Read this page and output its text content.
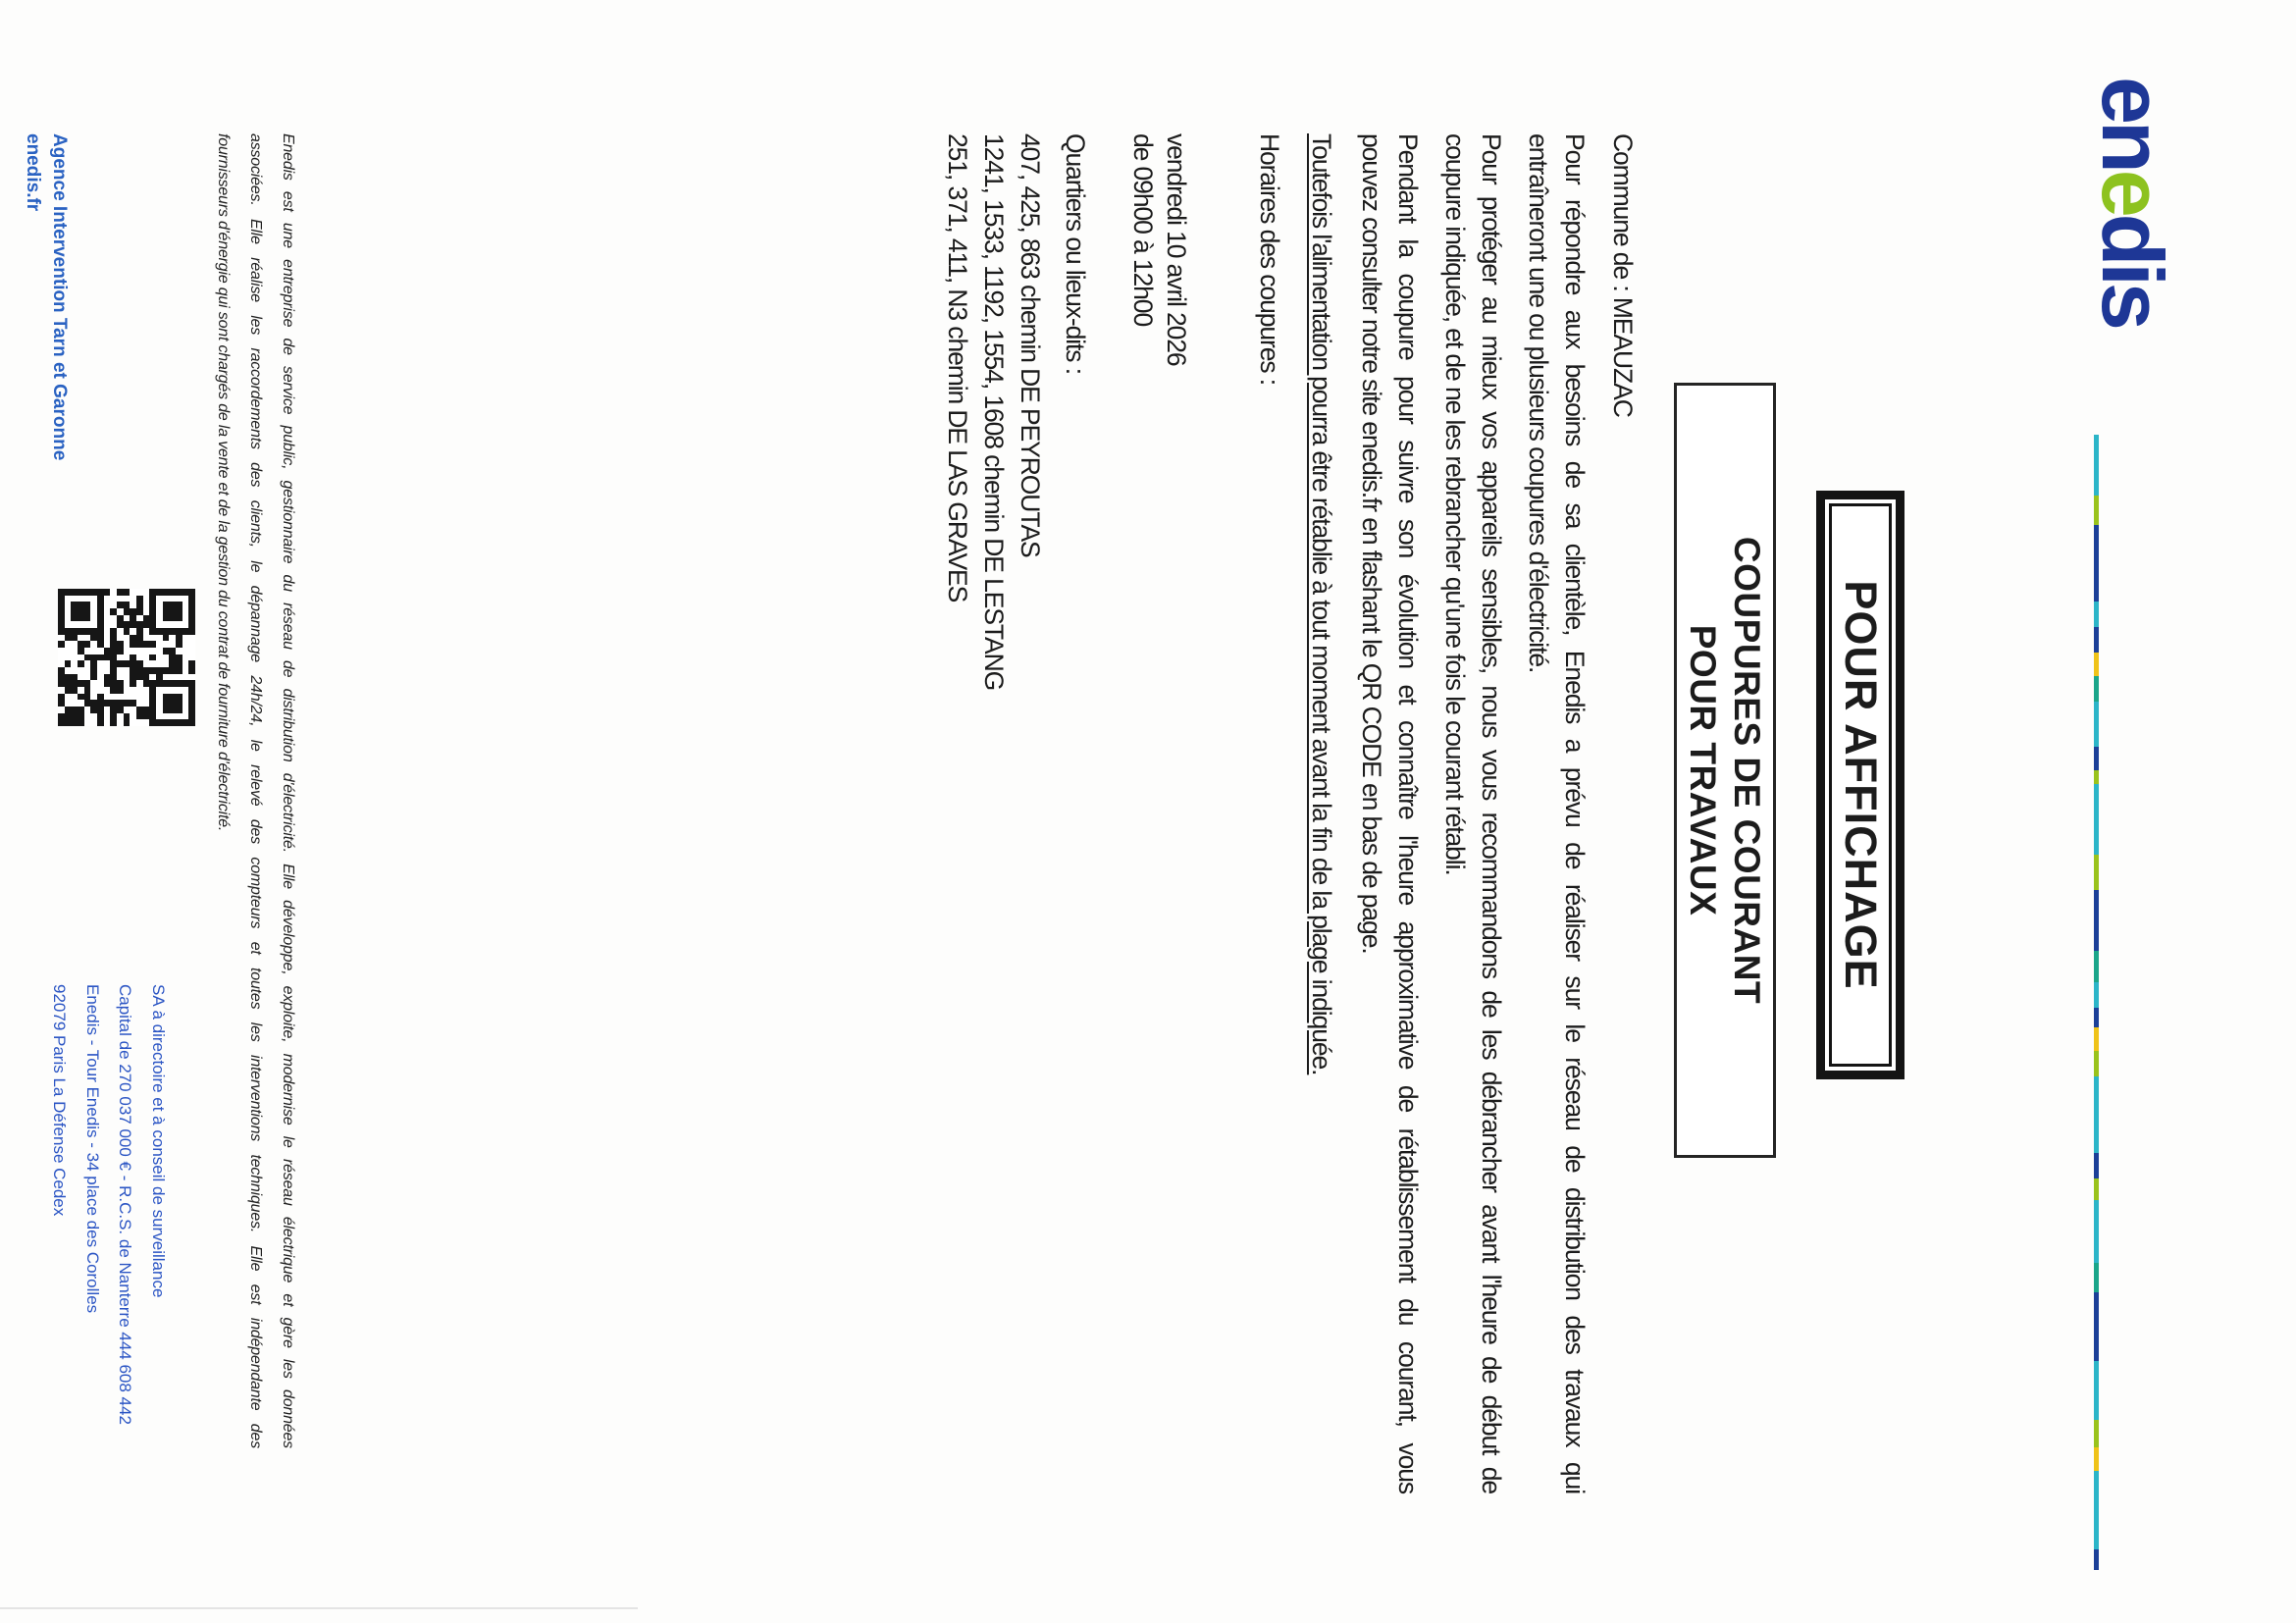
enedis
POUR AFFICHAGE
COUPURES DE COURANT
POUR TRAVAUX
Commune de : MEAUZAC
Pour répondre aux besoins de sa clientèle, Enedis a prévu de réaliser sur le réseau de distribution des travaux qui
entraîneront une ou plusieurs coupures d'électricité.
Pour protéger au mieux vos appareils sensibles, nous vous recommandons de les débrancher avant l'heure de début de
coupure indiquée, et de ne les rebrancher qu'une fois le courant rétabli.
Pendant la coupure pour suivre son évolution et connaître l'heure approximative de rétablissement du courant, vous
pouvez consulter notre site enedis.fr en flashant le QR CODE en bas de page.
Toutefois l'alimentation pourra être rétablie à tout moment avant la fin de la plage indiquée.
Horaires des coupures :
vendredi 10 avril 2026
de 09h00 à 12h00
Quartiers ou lieux-dits :
407, 425, 863 chemin DE PEYROUTAS
1241, 1533, 1192, 1554, 1608 chemin DE LESTANG
251, 371, 411, N3 chemin DE LAS GRAVES
Enedis est une entreprise de service public, gestionnaire du réseau de distribution d'électricité. Elle développe, exploite, modernise le réseau électrique et gère les données
associées. Elle réalise les raccordements des clients, le dépannage 24h/24, le relevé des compteurs et toutes les interventions techniques. Elle est indépendante des
fournisseurs d'énergie qui sont chargés de la vente et de la gestion du contrat de fourniture d'électricité.
Agence Intervention Tarn et Garonne
enedis.fr
SA à directoire et à conseil de surveillance
Capital de 270 037 000 € - R.C.S. de Nanterre 444 608 442
Enedis - Tour Enedis - 34 place des Corolles
92079 Paris La Défense Cedex
